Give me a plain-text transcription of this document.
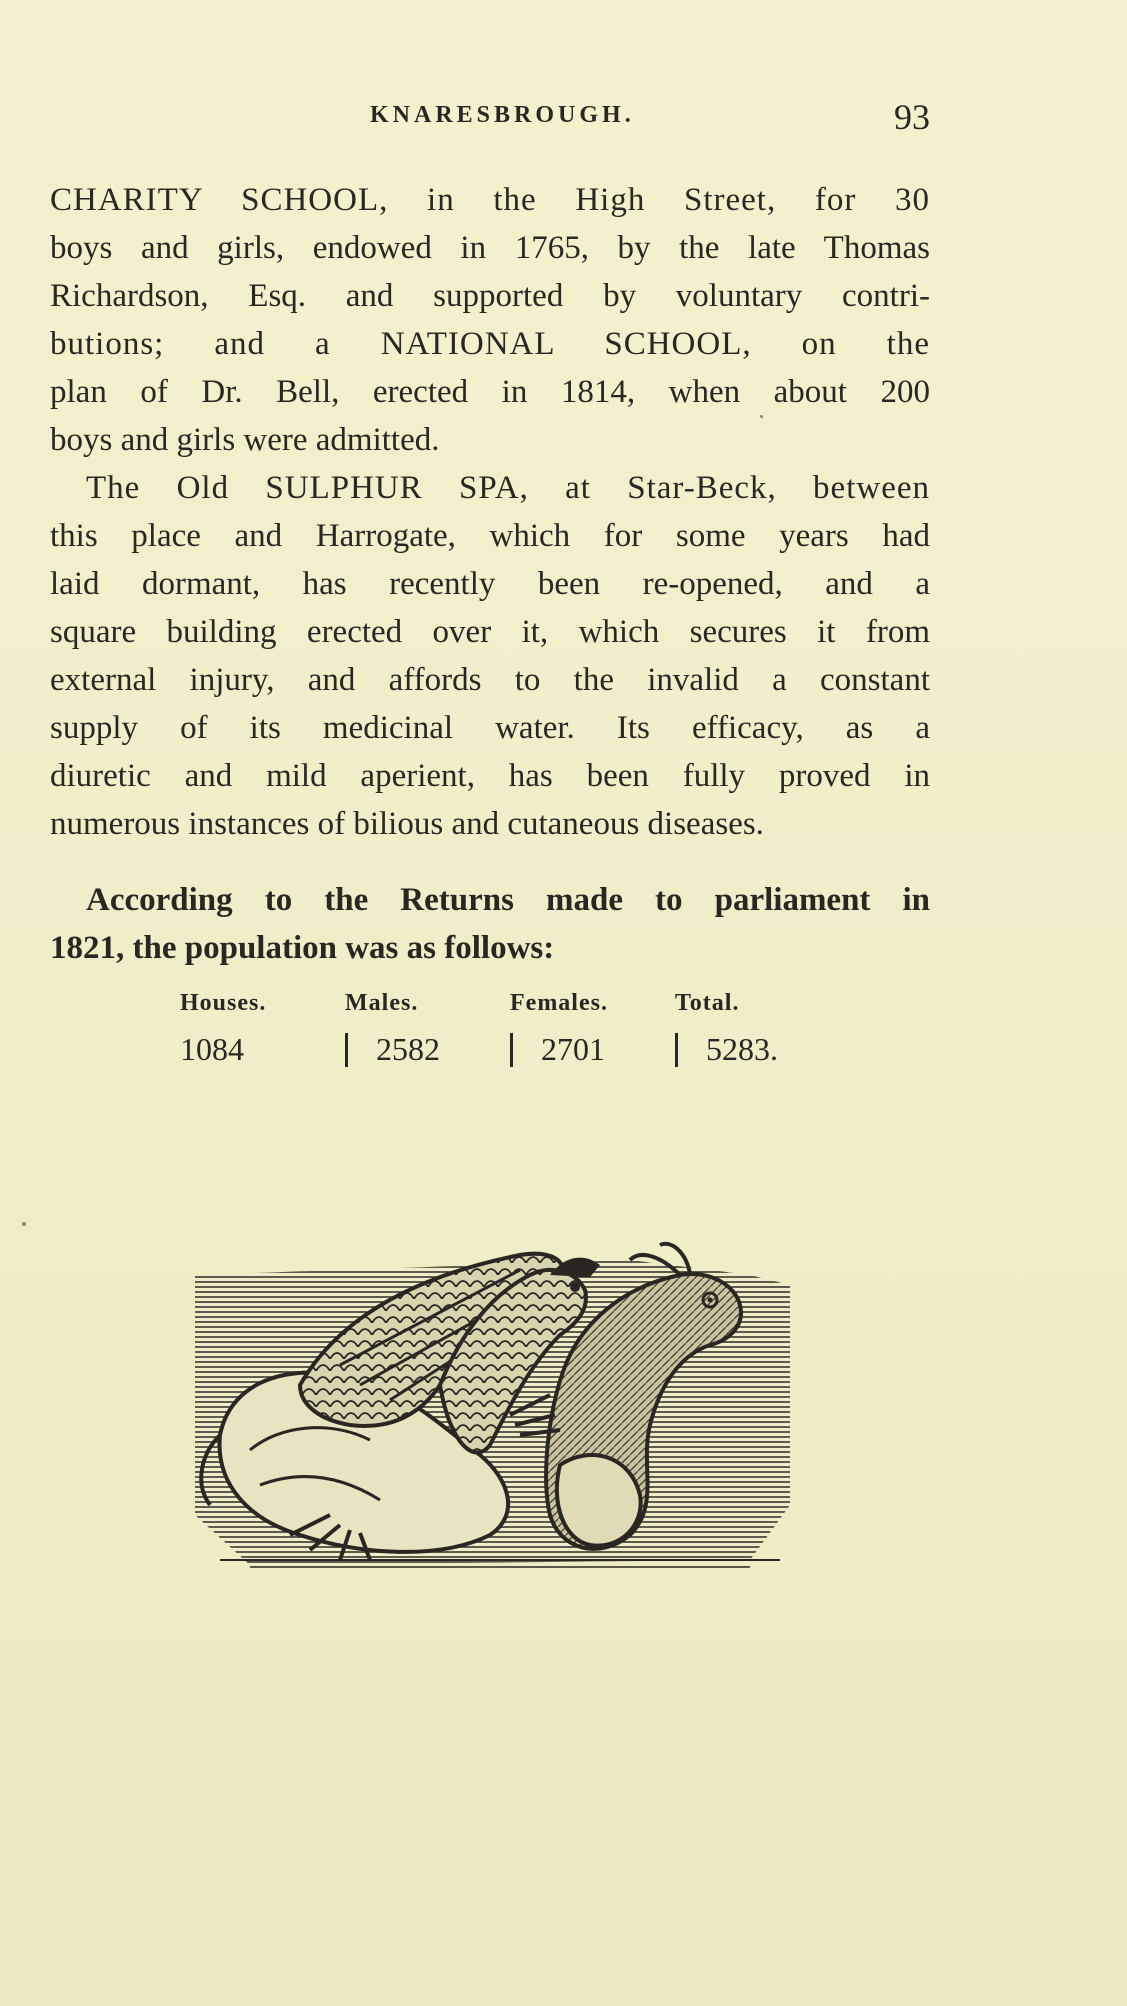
KNARESBROUGH.	93
CHARITY SCHOOL, in the High Street, for 30
boys and girls, endowed in 1765, by the late Thomas
Richardson, Esq. and supported by voluntary contri-
butions; and a NATIONAL SCHOOL, on the
plan of Dr. Bell, erected in 1814, when about 200
boys and girls were admitted.
The Old SULPHUR SPA, at Star-Beck, between
this place and Harrogate, which for some years had
laid dormant, has recently been re-opened, and a
square building erected over it, which secures it from
external injury, and affords to the invalid a constant
supply of its medicinal water. Its efficacy, as a
diuretic and mild aperient, has been fully proved in
numerous instances of bilious and cutaneous diseases.
According to the Returns made to parliament in
1821, the population was as follows:
Houses.	Males.	Females.	Total.
1084	2582	2701	5283.
